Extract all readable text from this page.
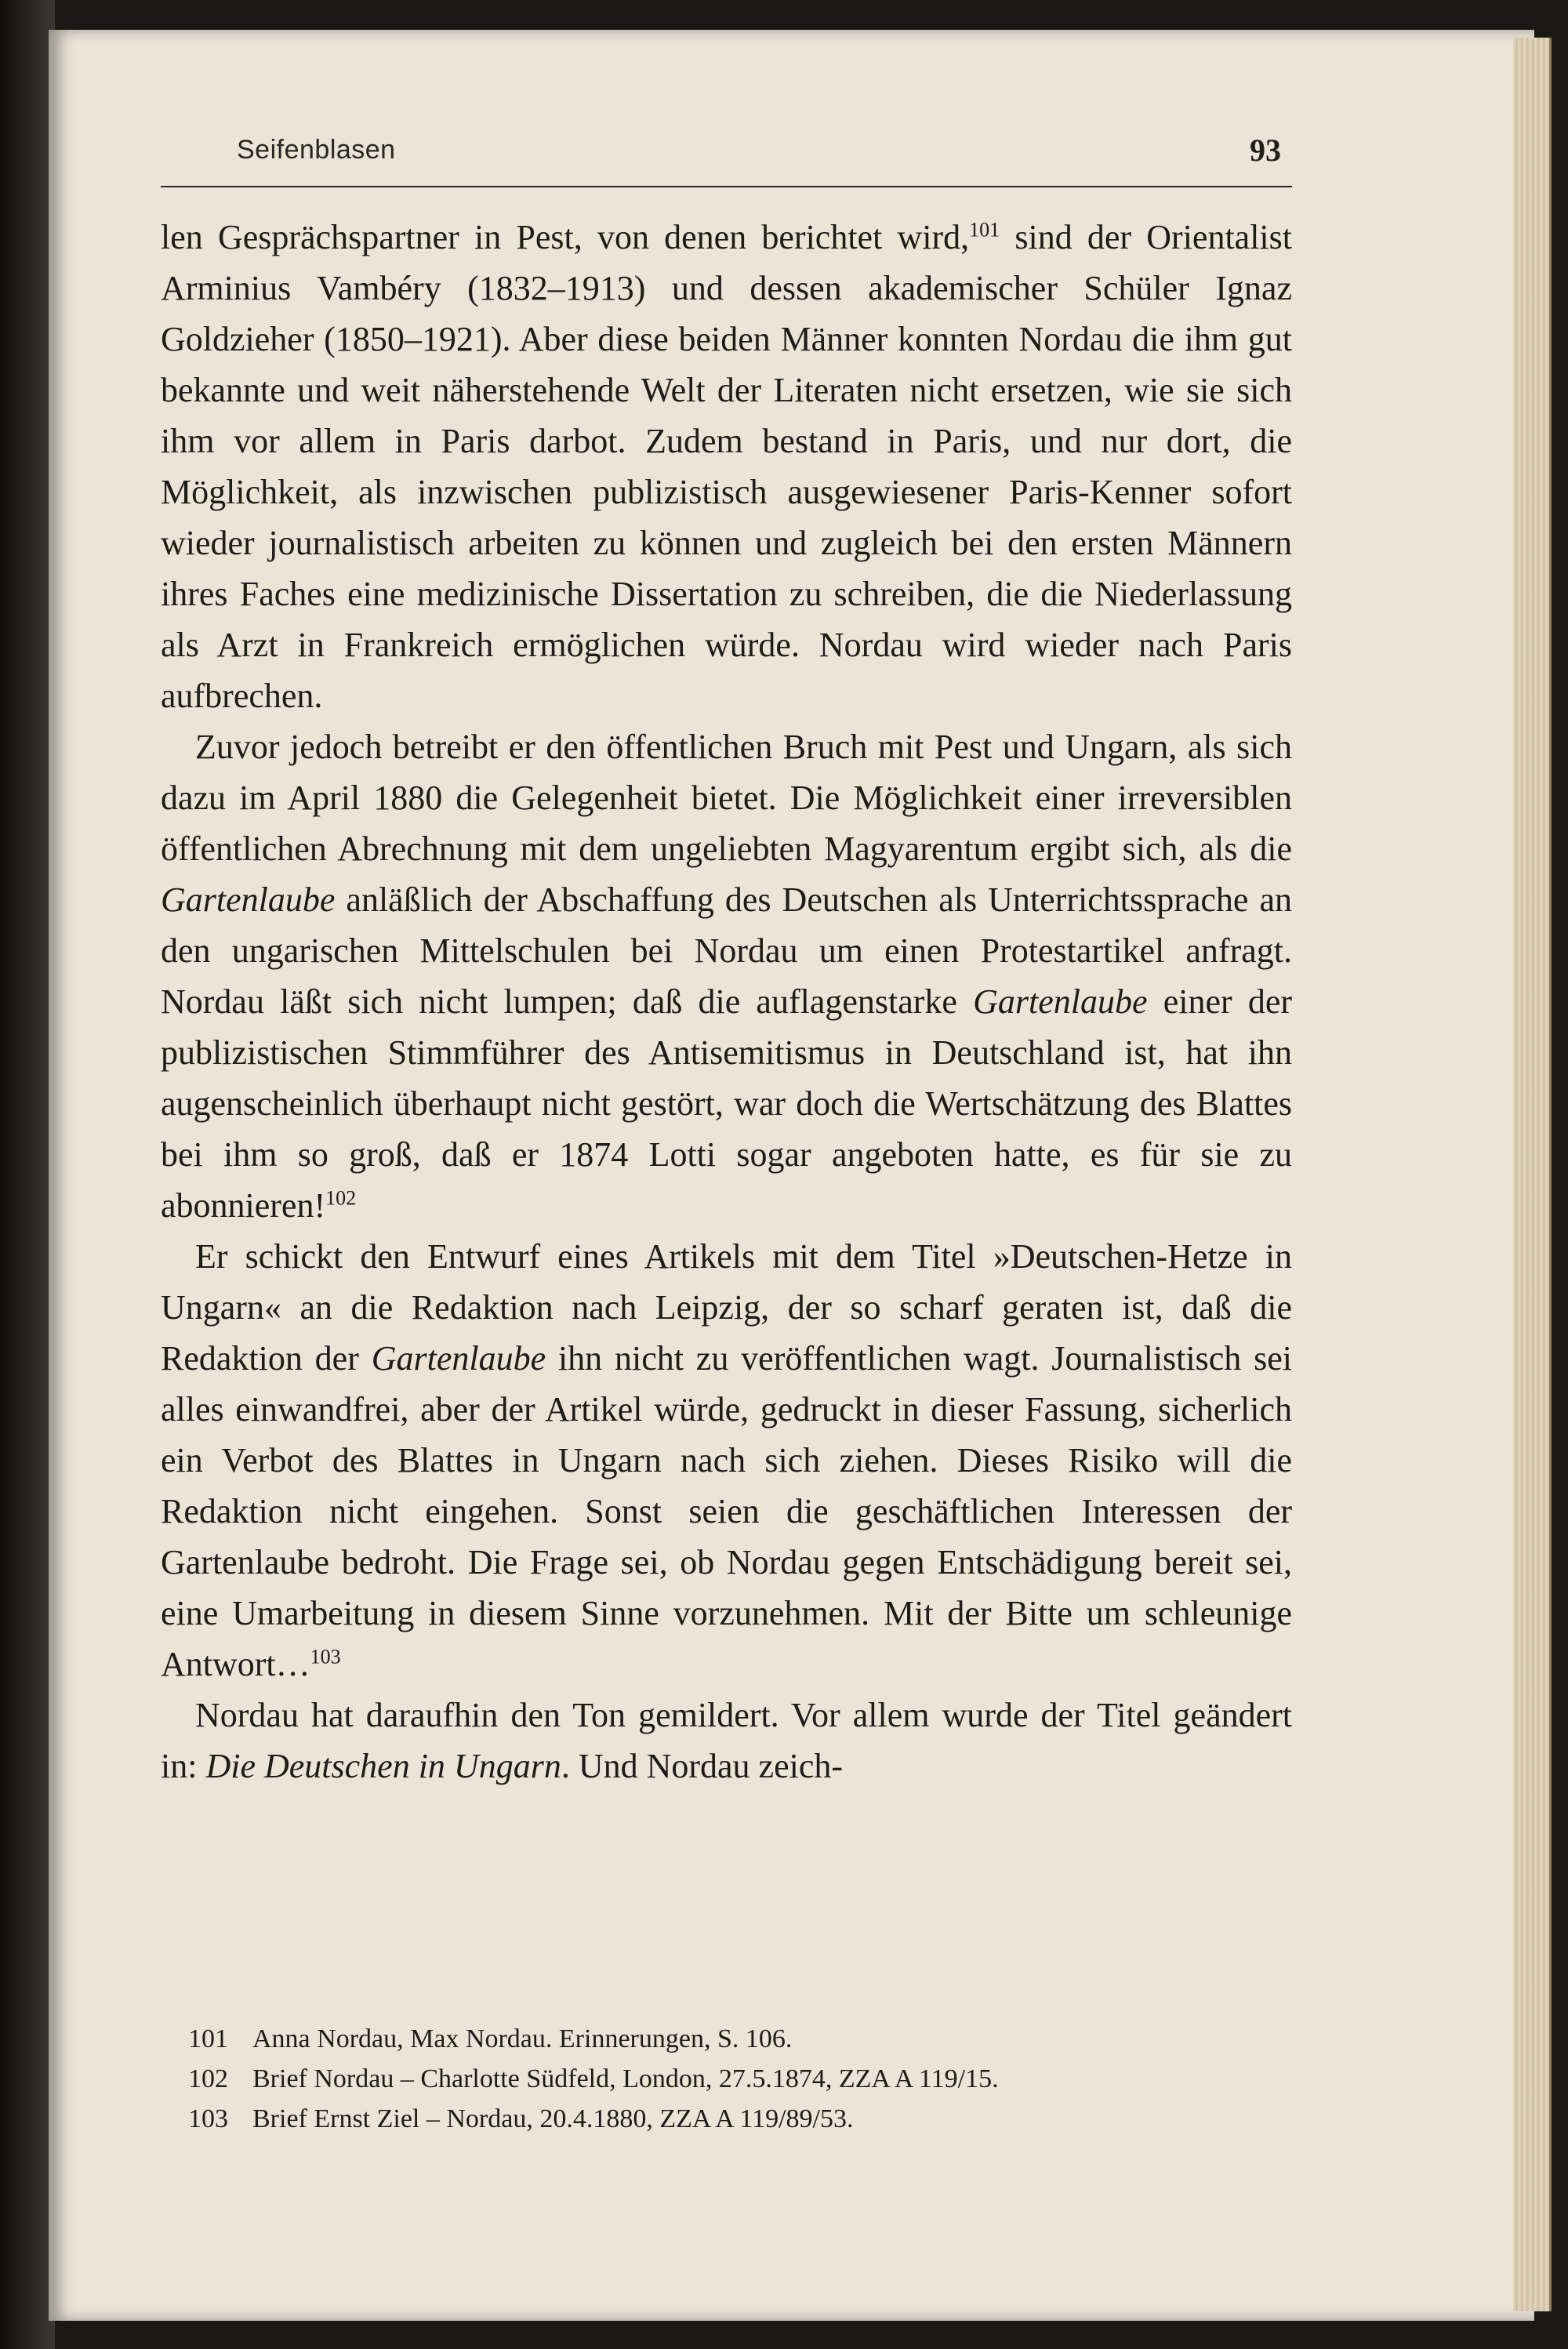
Seifenblasen	93

len Gesprächspartner in Pest, von denen berichtet wird,$^{101}$ sind der Orientalist Arminius Vambéry (1832–1913) und dessen akademischer Schüler Ignaz Goldzieher (1850–1921). Aber diese beiden Männer konnten Nordau die ihm gut bekannte und weit näherstehende Welt der Literaten nicht ersetzen, wie sie sich ihm vor allem in Paris darbot. Zudem bestand in Paris, und nur dort, die Möglichkeit, als inzwischen publizistisch ausgewiesener Paris-Kenner sofort wieder journalistisch arbeiten zu können und zugleich bei den ersten Männern ihres Faches eine medizinische Dissertation zu schreiben, die die Niederlassung als Arzt in Frankreich ermöglichen würde. Nordau wird wieder nach Paris aufbrechen.

Zuvor jedoch betreibt er den öffentlichen Bruch mit Pest und Ungarn, als sich dazu im April 1880 die Gelegenheit bietet. Die Möglichkeit einer irreversiblen öffentlichen Abrechnung mit dem ungeliebten Magyarentum ergibt sich, als die Gartenlaube anläßlich der Abschaffung des Deutschen als Unterrichtssprache an den ungarischen Mittelschulen bei Nordau um einen Protestartikel anfragt. Nordau läßt sich nicht lumpen; daß die auflagenstarke Gartenlaube einer der publizistischen Stimmführer des Antisemitismus in Deutschland ist, hat ihn augenscheinlich überhaupt nicht gestört, war doch die Wertschätzung des Blattes bei ihm so groß, daß er 1874 Lotti sogar angeboten hatte, es für sie zu abonnieren!$^{102}$

Er schickt den Entwurf eines Artikels mit dem Titel »Deutschen-Hetze in Ungarn« an die Redaktion nach Leipzig, der so scharf geraten ist, daß die Redaktion der Gartenlaube ihn nicht zu veröffentlichen wagt. Journalistisch sei alles einwandfrei, aber der Artikel würde, gedruckt in dieser Fassung, sicherlich ein Verbot des Blattes in Ungarn nach sich ziehen. Dieses Risiko will die Redaktion nicht eingehen. Sonst seien die geschäftlichen Interessen der Gartenlaube bedroht. Die Frage sei, ob Nordau gegen Entschädigung bereit sei, eine Umarbeitung in diesem Sinne vorzunehmen. Mit der Bitte um schleunige Antwort…$^{103}$

Nordau hat daraufhin den Ton gemildert. Vor allem wurde der Titel geändert in: Die Deutschen in Ungarn. Und Nordau zeich-

101 Anna Nordau, Max Nordau. Erinnerungen, S. 106.
102 Brief Nordau – Charlotte Südfeld, London, 27.5.1874, ZZA A 119/15.
103 Brief Ernst Ziel – Nordau, 20.4.1880, ZZA A 119/89/53.
